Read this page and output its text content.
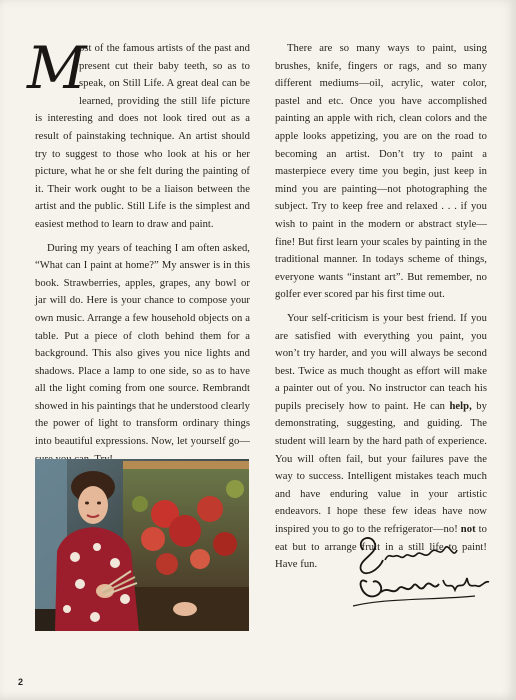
M
ost of the famous artists of the past and present cut their baby teeth, so as to speak, on Still Life. A great deal can be learned, providing the still life picture is interesting and does not look tired out as a result of painstaking technique. An artist should try to suggest to those who look at his or her picture, what he or she felt during the painting of it. Their work ought to be a liaison between the artist and the public. Still Life is the simplest and easiest method to learn to draw and paint.

During my years of teaching I am often asked, “What can I paint at home?” My answer is in this book. Strawberries, apples, grapes, any bowl or jar will do. Here is your chance to compose your own music. Arrange a few household objects on a table. Put a piece of cloth behind them for a background. This also gives you nice lights and shadows. Place a lamp to one side, so as to have all the light coming from one source. Rembrandt showed in his paintings that he understood clearly the power of light to transform ordinary things into beautiful expressions. Now, let yourself go—

There are so many ways to paint, using brushes, knife, fingers or rags, and so many different mediums—oil, acrylic, water color, pastel and etc. Once you have accomplished painting an apple with rich, clean colors and the apple looks appetizing, you are on the road to becoming an artist. Don’t try to paint a masterpiece every time you begin, just keep in mind you are painting—not photographing the subject. Try to keep free and relaxed . . . if you wish to paint in the modern or abstract style—fine! But first learn your scales by painting in the traditional manner. In todays scheme of things, everyone wants “instant art”. But remember, no golfer ever scored par his first time out.

Your self-criticism is your best friend. If you are satisfied with everything you paint, you won’t try harder, and you will always be second best. Twice as much thought as effort will make a painter out of you. No instructor can teach his pupils precisely how to paint. He can help, by demonstrating, suggesting, and guiding. The student will learn by the hard path of experience. You will often fail, but your failures pave the way to success. Intelligent mistakes teach much and have enduring value in your artistic endeavors. I hope these few ideas have now inspired you to go to the refrigerator—no! not to eat but to arrange fruit in a still life to paint! Have fun.

2
